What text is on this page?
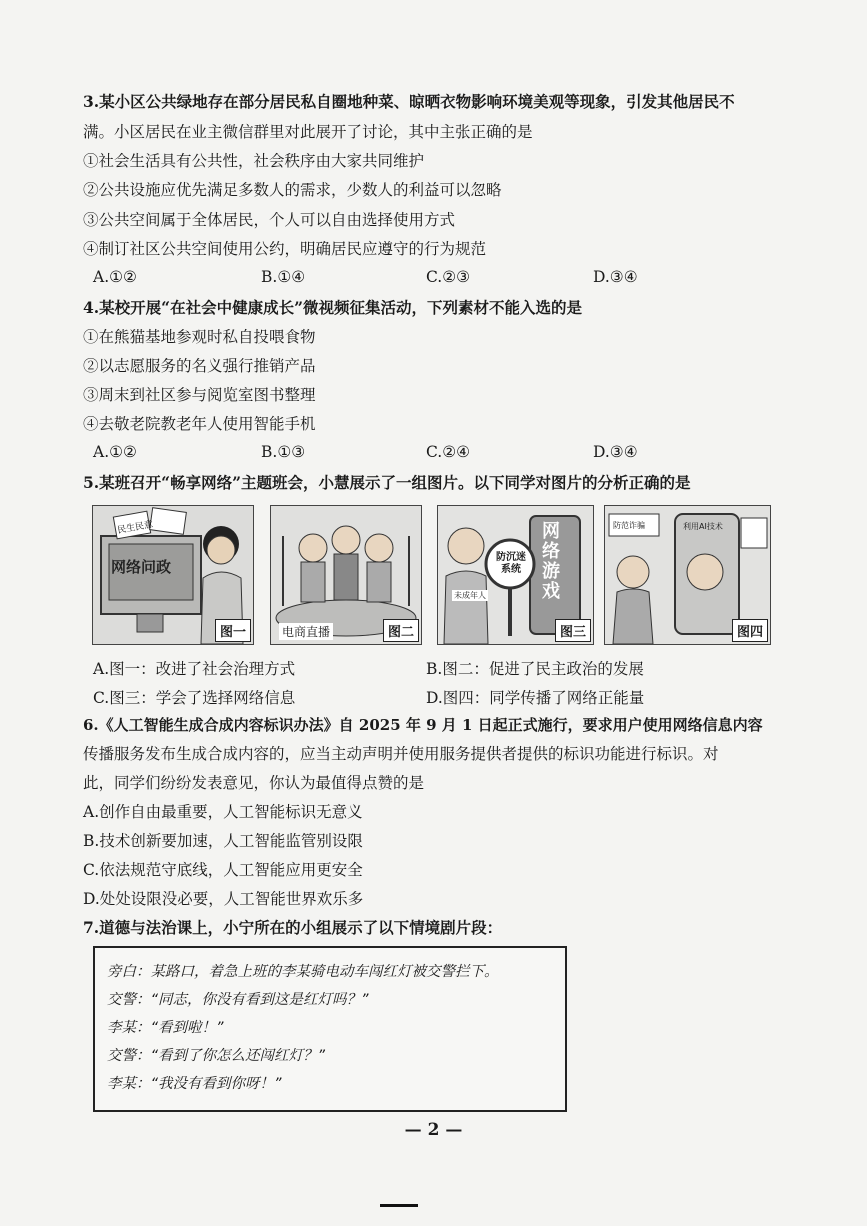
3.某小区公共绿地存在部分居民私自圈地种菜、晾晒衣物影响环境美观等现象，引发其他居民不
满。小区居民在业主微信群里对此展开了讨论，其中主张正确的是
①社会生活具有公共性，社会秩序由大家共同维护
②公共设施应优先满足多数人的需求，少数人的利益可以忽略
③公共空间属于全体居民，个人可以自由选择使用方式
④制订社区公共空间使用公约，明确居民应遵守的行为规范
A.①②	B.①④	C.②③	D.③④
4.某校开展“在社会中健康成长”微视频征集活动，下列素材不能入选的是
①在熊猫基地参观时私自投喂食物
②以志愿服务的名义强行推销产品
③周末到社区参与阅览室图书整理
④去敬老院教老年人使用智能手机
A.①②	B.①③	C.②④	D.③④
5.某班召开“畅享网络”主题班会，小慧展示了一组图片。以下同学对图片的分析正确的是
网络问政
民生民意
图一	电商直播	图二
防沉迷系统
网络游戏
未成年人
图三
利用AI技术
防范诈骗
图四
A.图一：改进了社会治理方式	B.图二：促进了民主政治的发展
C.图三：学会了选择网络信息	D.图四：同学传播了网络正能量
6.《人工智能生成合成内容标识办法》自 2025 年 9 月 1 日起正式施行，要求用户使用网络信息内容
传播服务发布生成合成内容的，应当主动声明并使用服务提供者提供的标识功能进行标识。对
此，同学们纷纷发表意见，你认为最值得点赞的是
A.创作自由最重要，人工智能标识无意义
B.技术创新要加速，人工智能监管别设限
C.依法规范守底线，人工智能应用更安全
D.处处设限没必要，人工智能世界欢乐多
7.道德与法治课上，小宁所在的小组展示了以下情境剧片段：
旁白：某路口，着急上班的李某骑电动车闯红灯被交警拦下。
交警：“同志，你没有看到这是红灯吗？”
李某：“看到啦！”
交警：“看到了你怎么还闯红灯？”
李某：“我没有看到你呀！”
— 2 —
